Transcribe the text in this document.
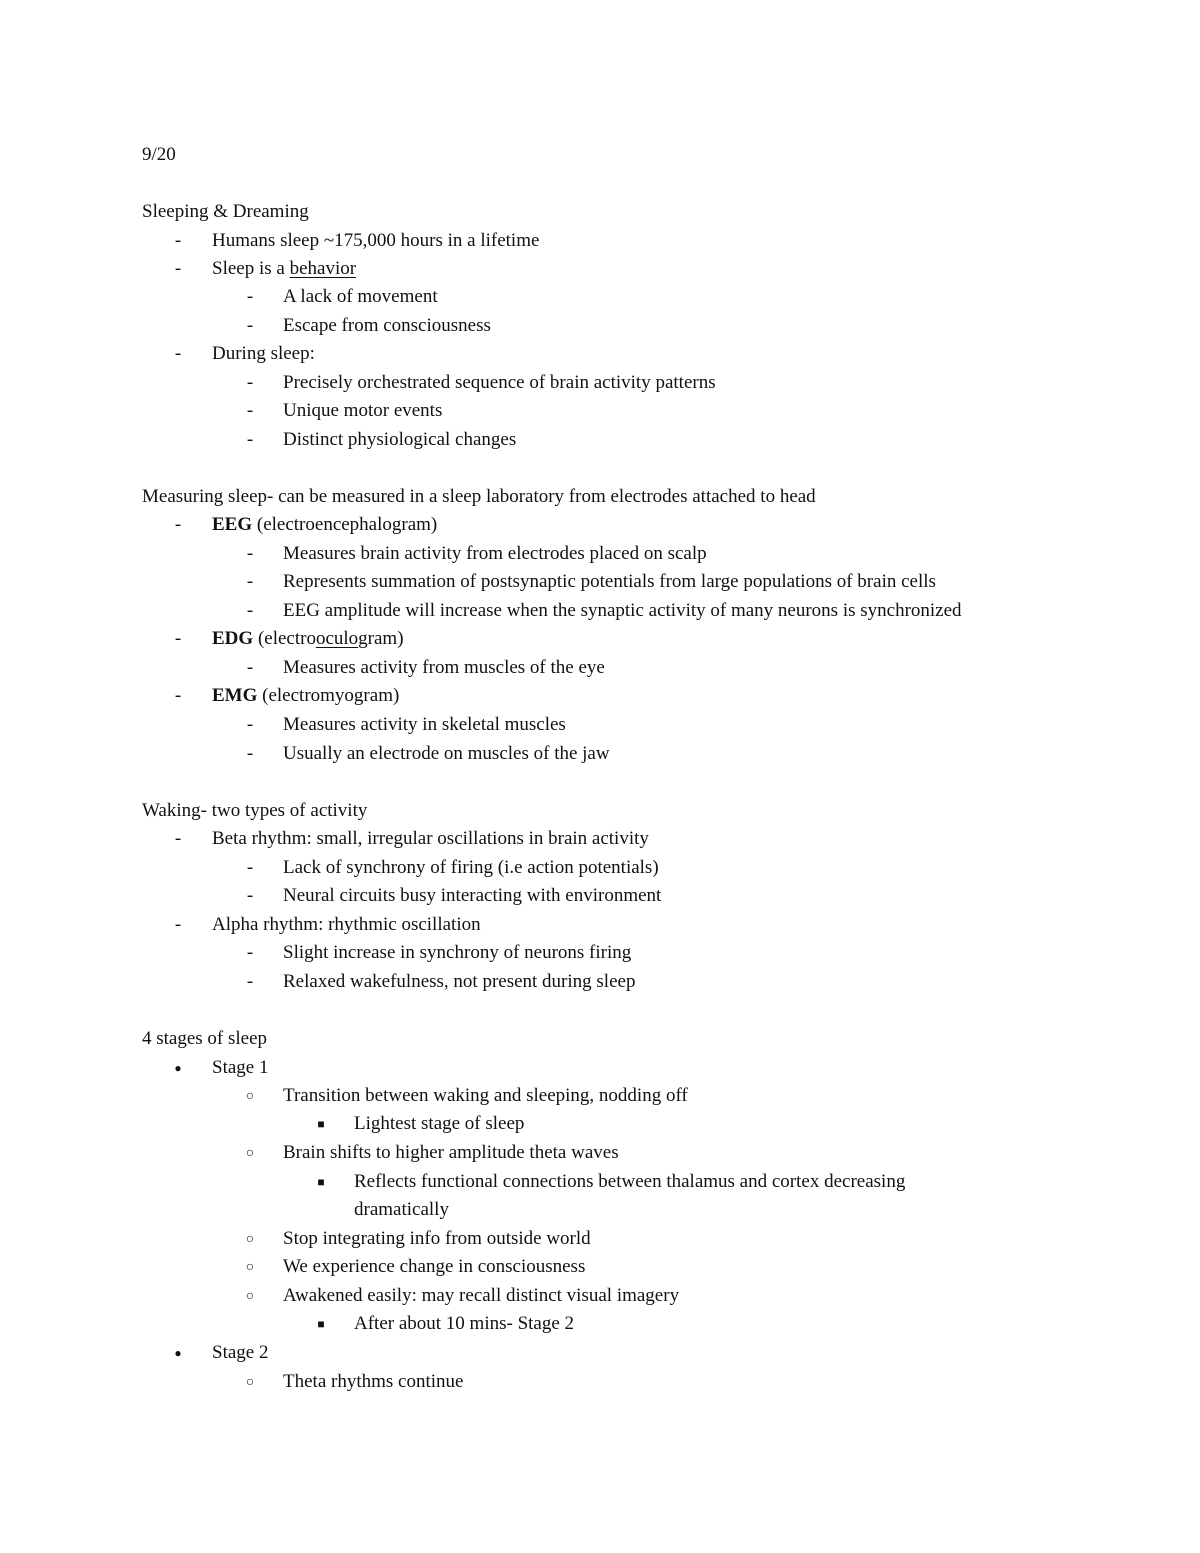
9/20
Sleeping & Dreaming
-
Humans sleep ~175,000 hours in a lifetime
-
Sleep is a behavior
-
A lack of movement
-
Escape from consciousness
-
During sleep:
-
Precisely orchestrated sequence of brain activity patterns
-
Unique motor events
-
Distinct physiological changes
Measuring sleep- can be measured in a sleep laboratory from electrodes attached to head
-
EEG (electroencephalogram)
-
Measures brain activity from electrodes placed on scalp
-
Represents summation of postsynaptic potentials from large populations of brain cells
-
EEG amplitude will increase when the synaptic activity of many neurons is synchronized
-
EDG (electrooculogram)
-
Measures activity from muscles of the eye
-
EMG (electromyogram)
-
Measures activity in skeletal muscles
-
Usually an electrode on muscles of the jaw
Waking- two types of activity
-
Beta rhythm: small, irregular oscillations in brain activity
-
Lack of synchrony of firing (i.e action potentials)
-
Neural circuits busy interacting with environment
-
Alpha rhythm: rhythmic oscillation
-
Slight increase in synchrony of neurons firing
-
Relaxed wakefulness, not present during sleep
4 stages of sleep
●
Stage 1
○
Transition between waking and sleeping, nodding off
■
Lightest stage of sleep
○
Brain shifts to higher amplitude theta waves
■
Reflects functional connections between thalamus and cortex decreasing
dramatically
○
Stop integrating info from outside world
○
We experience change in consciousness
○
Awakened easily: may recall distinct visual imagery
■
After about 10 mins- Stage 2
●
Stage 2
○
Theta rhythms continue
